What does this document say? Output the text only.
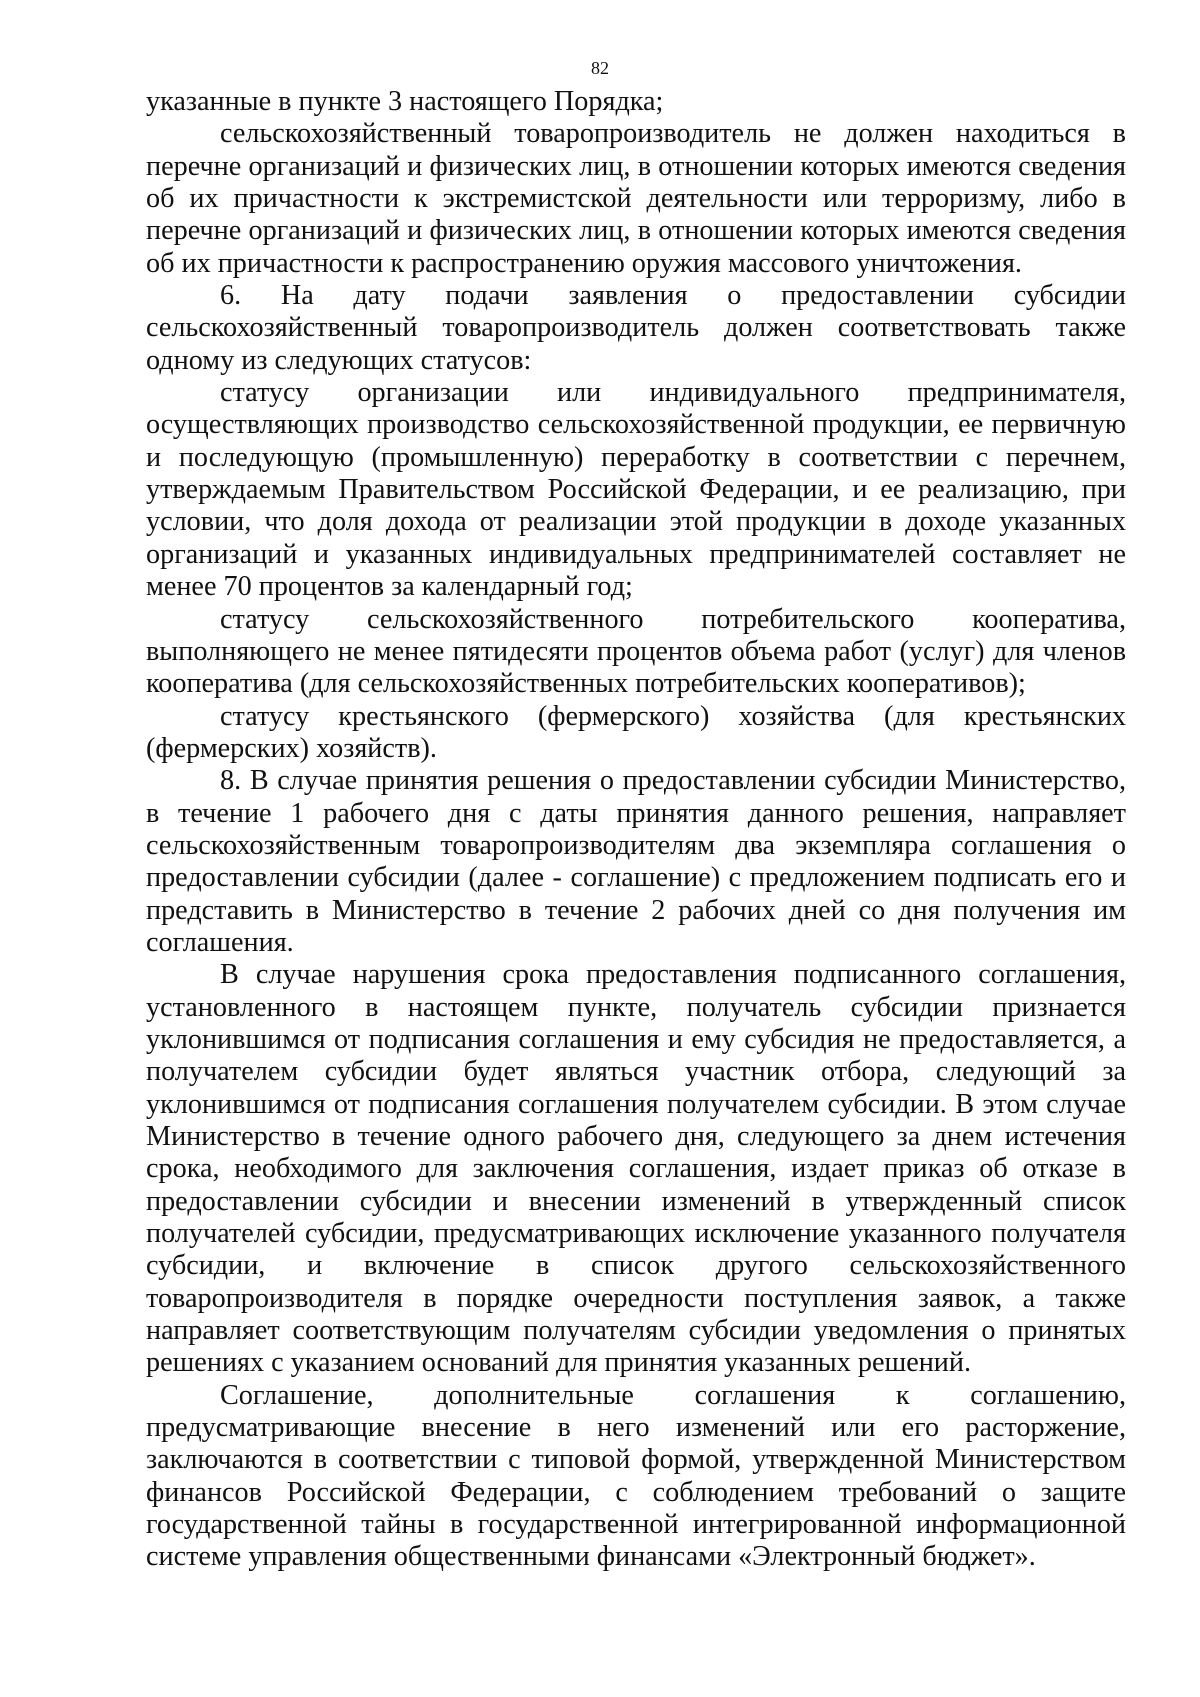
82

указанные в пункте 3 настоящего Порядка;

сельскохозяйственный товаропроизводитель не должен находиться в перечне организаций и физических лиц, в отношении которых имеются сведения об их причастности к экстремистской деятельности или терроризму, либо в перечне организаций и физических лиц, в отношении которых имеются сведения об их причастности к распространению оружия массового уничтожения.

6. На дату подачи заявления о предоставлении субсидии сельскохозяйственный товаропроизводитель должен соответствовать также одному из следующих статусов:

статусу организации или индивидуального предпринимателя, осуществляющих производство сельскохозяйственной продукции, ее первичную и последующую (промышленную) переработку в соответствии с перечнем, утверждаемым Правительством Российской Федерации, и ее реализацию, при условии, что доля дохода от реализации этой продукции в доходе указанных организаций и указанных индивидуальных предпринимателей составляет не менее 70 процентов за календарный год;

статусу сельскохозяйственного потребительского кооператива, выполняющего не менее пятидесяти процентов объема работ (услуг) для членов кооператива (для сельскохозяйственных потребительских кооперативов);

статусу крестьянского (фермерского) хозяйства (для крестьянских (фермерских) хозяйств).

8. В случае принятия решения о предоставлении субсидии Министерство, в течение 1 рабочего дня с даты принятия данного решения, направляет сельскохозяйственным товаропроизводителям два экземпляра соглашения о предоставлении субсидии (далее - соглашение) с предложением подписать его и представить в Министерство в течение 2 рабочих дней со дня получения им соглашения.

В случае нарушения срока предоставления подписанного соглашения, установленного в настоящем пункте, получатель субсидии признается уклонившимся от подписания соглашения и ему субсидия не предоставляется, а получателем субсидии будет являться участник отбора, следующий за уклонившимся от подписания соглашения получателем субсидии. В этом случае Министерство в течение одного рабочего дня, следующего за днем истечения срока, необходимого для заключения соглашения, издает приказ об отказе в предоставлении субсидии и внесении изменений в утвержденный список получателей субсидии, предусматривающих исключение указанного получателя субсидии, и включение в список другого сельскохозяйственного товаропроизводителя в порядке очередности поступления заявок, а также направляет соответствующим получателям субсидии уведомления о принятых решениях с указанием оснований для принятия указанных решений.

Соглашение, дополнительные соглашения к соглашению, предусматривающие внесение в него изменений или его расторжение, заключаются в соответствии с типовой формой, утвержденной Министерством финансов Российской Федерации, с соблюдением требований о защите государственной тайны в государственной интегрированной информационной системе управления общественными финансами «Электронный бюджет».
